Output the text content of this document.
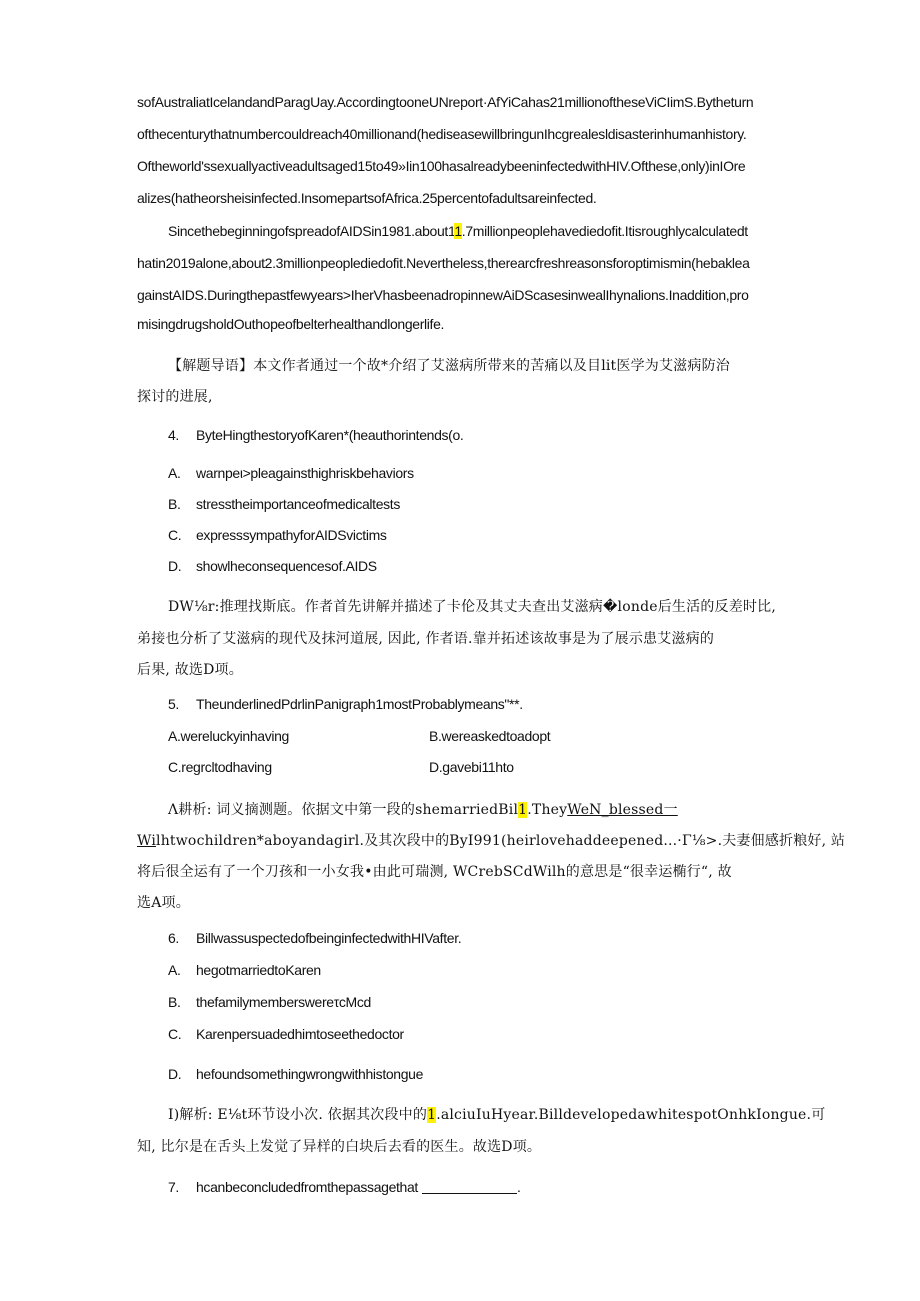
sofAustraliatIcelandandParagUay.AccordingtooneUNreport·AfYiCahas21millionoftheseViCIimS.Bytheturn
ofthecenturythatnumbercouldreach40millionand(hediseasewillbringunIhcgrealesldisasterinhumanhistory.
Oftheworld'ssexuallyactiveadultsaged15to49»Iin100hasalreadybeeninfectedwithHIV.Ofthese,only)inIOre
alizes(hatheorsheisinfected.InsomepartsofAfrica.25percentofadultsareinfected.
SincethebeginningofspreadofAIDSin1981.about11.7millionpeoplehavediedofit.Itisroughlycalculatedt
hatin2019alone,about2.3millionpeoplediedofit.Nevertheless,therearcfreshreasonsforoptimismin(hebaklea
gainstAIDS.Duringthepastfewyears>IherVhasbeenadropinnewAiDScasesinwealIhynalions.Inaddition,pro
misingdrugsholdOuthopeofbelterhealthandlongerlife.
【解题导语】本文作者通过一个故*介绍了艾滋病所带来的苦痛以及目lit医学为艾滋病防治
探讨的进展,
4. ByteHingthestoryofKaren*(heauthorintends(o.
A. warnpeι>pleagainsthighriskbehaviors
B. stresstheimportanceofmedicaltests
C. expresssympathyforAIDSvictims
D. showlheconsequencesof.AIDS
DW⅛r:推理找斯底。作者首先讲解并描述了卡伦及其丈夫查出艾滋病�londe后生活的反差时比,
弟接也分析了艾滋病的现代及抹河道展, 因此, 作者语.靠并拓述该故事是为了展示患艾滋病的
后果, 故选D项。
5. TheunderlinedPdrlinPanigraph1mostProbablymeans"**.
A.wereluckyinhaving	B.wereaskedtoadopt
C.regrcltodhaving	D.gavebi11hto
Λ耕析: 词义摘测题。依据文中第一段的shemarriedBil1.TheyWeN_blessed一
Wilhtwochildren*aboyandagirl.及其次段中的ByI991(heirlovehaddeepened...·Γ⅛>.夫妻佃感折粮好, 站
将后很全运有了一个刀孩和一小女我•由此可瑞测, WCrebSCdWilh的意思是“很幸运椭行“, 故
选A项。
6. BillwassuspectedofbeinginfectedwithHIVafter.
A. hegotmarriedtoKaren
B. thefamilymemberswereτcMcd
C. Karenpersuadedhimtoseethedoctor
D. hefoundsomethingwrongwithhistongue
I)解析: E⅛t环节设小次. 依据其次段中的1.alciuIuHyear.BilldevelopedawhitespotOnhkIongue.可
知, 比尔是在舌头上发觉了异样的白块后去看的医生。故选D项。
7. hcanbeconcludedfromthepassagethat	.
